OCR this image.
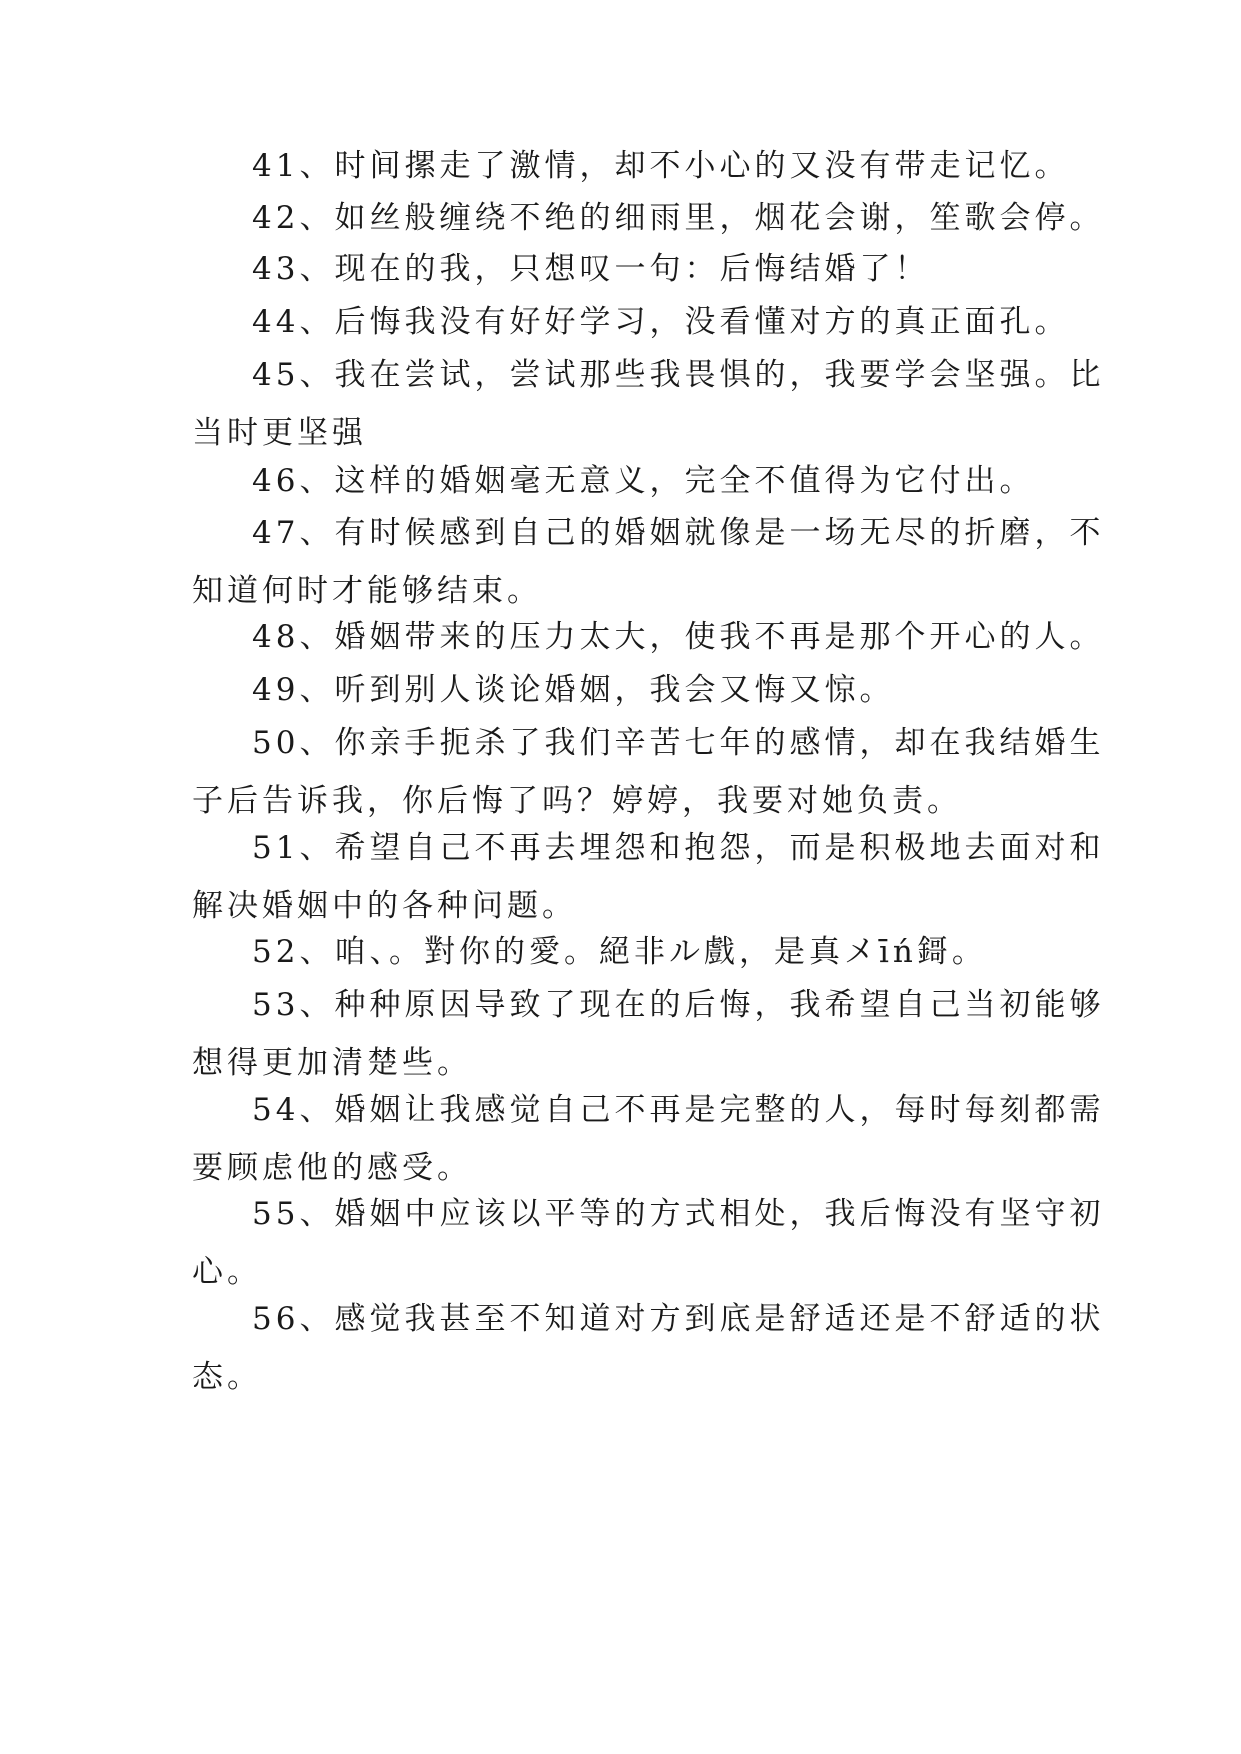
41、时间摞走了激情，却不小心的又没有带走记忆。
42、如丝般缠绕不绝的细雨里，烟花会谢，笙歌会停。
43、现在的我，只想叹一句：后悔结婚了！
44、后悔我没有好好学习，没看懂对方的真正面孔。
45、我在尝试，尝试那些我畏惧的，我要学会坚强。比
当时更坚强
46、这样的婚姻毫无意义，完全不值得为它付出。
47、有时候感到自己的婚姻就像是一场无尽的折磨，不
知道何时才能够结束。
48、婚姻带来的压力太大，使我不再是那个开心的人。
49、听到别人谈论婚姻，我会又悔又惊。
50、你亲手扼杀了我们辛苦七年的感情，却在我结婚生
子后告诉我，你后悔了吗？婷婷，我要对她负责。
51、希望自己不再去埋怨和抱怨，而是积极地去面对和
解决婚姻中的各种问题。
52、咱、。對你的愛。絕非ル戲，是真メīń鎶。
53、种种原因导致了现在的后悔，我希望自己当初能够
想得更加清楚些。
54、婚姻让我感觉自己不再是完整的人，每时每刻都需
要顾虑他的感受。
55、婚姻中应该以平等的方式相处，我后悔没有坚守初
心。
56、感觉我甚至不知道对方到底是舒适还是不舒适的状
态。
